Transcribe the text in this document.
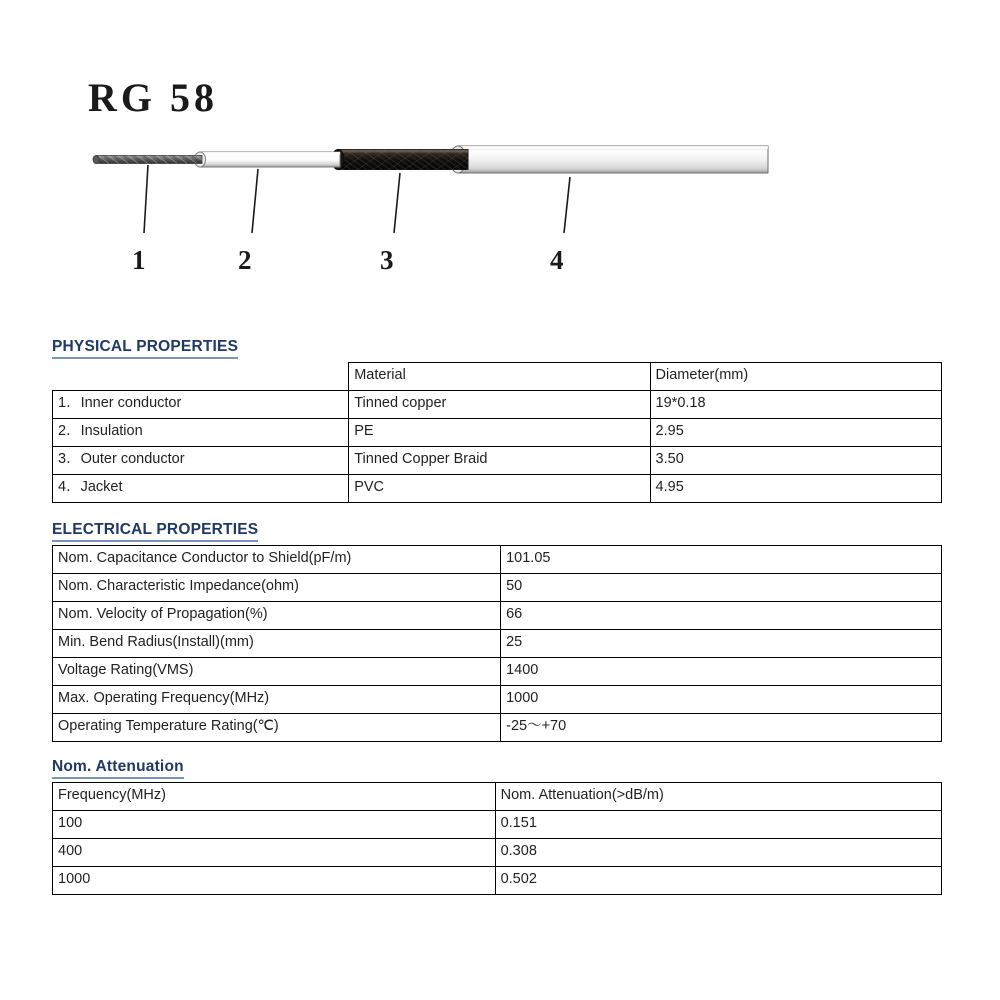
RG 58
1	2	3	4
PHYSICAL PROPERTIES
	Material	Diameter(mm)
1．Inner conductor	Tinned copper	19*0.18
2．Insulation	PE	2.95
3．Outer conductor	Tinned Copper Braid	3.50
4．Jacket	PVC	4.95
ELECTRICAL PROPERTIES
Nom. Capacitance Conductor to Shield(pF/m)	101.05
Nom. Characteristic Impedance(ohm)	50
Nom. Velocity of Propagation(%)	66
Min. Bend Radius(Install)(mm)	25
Voltage Rating(VMS)	1400
Max. Operating Frequency(MHz)	1000
Operating Temperature Rating(℃)	-25～+70
Nom. Attenuation
Frequency(MHz)	Nom. Attenuation(>dB/m)
100	0.151
400	0.308
1000	0.502
